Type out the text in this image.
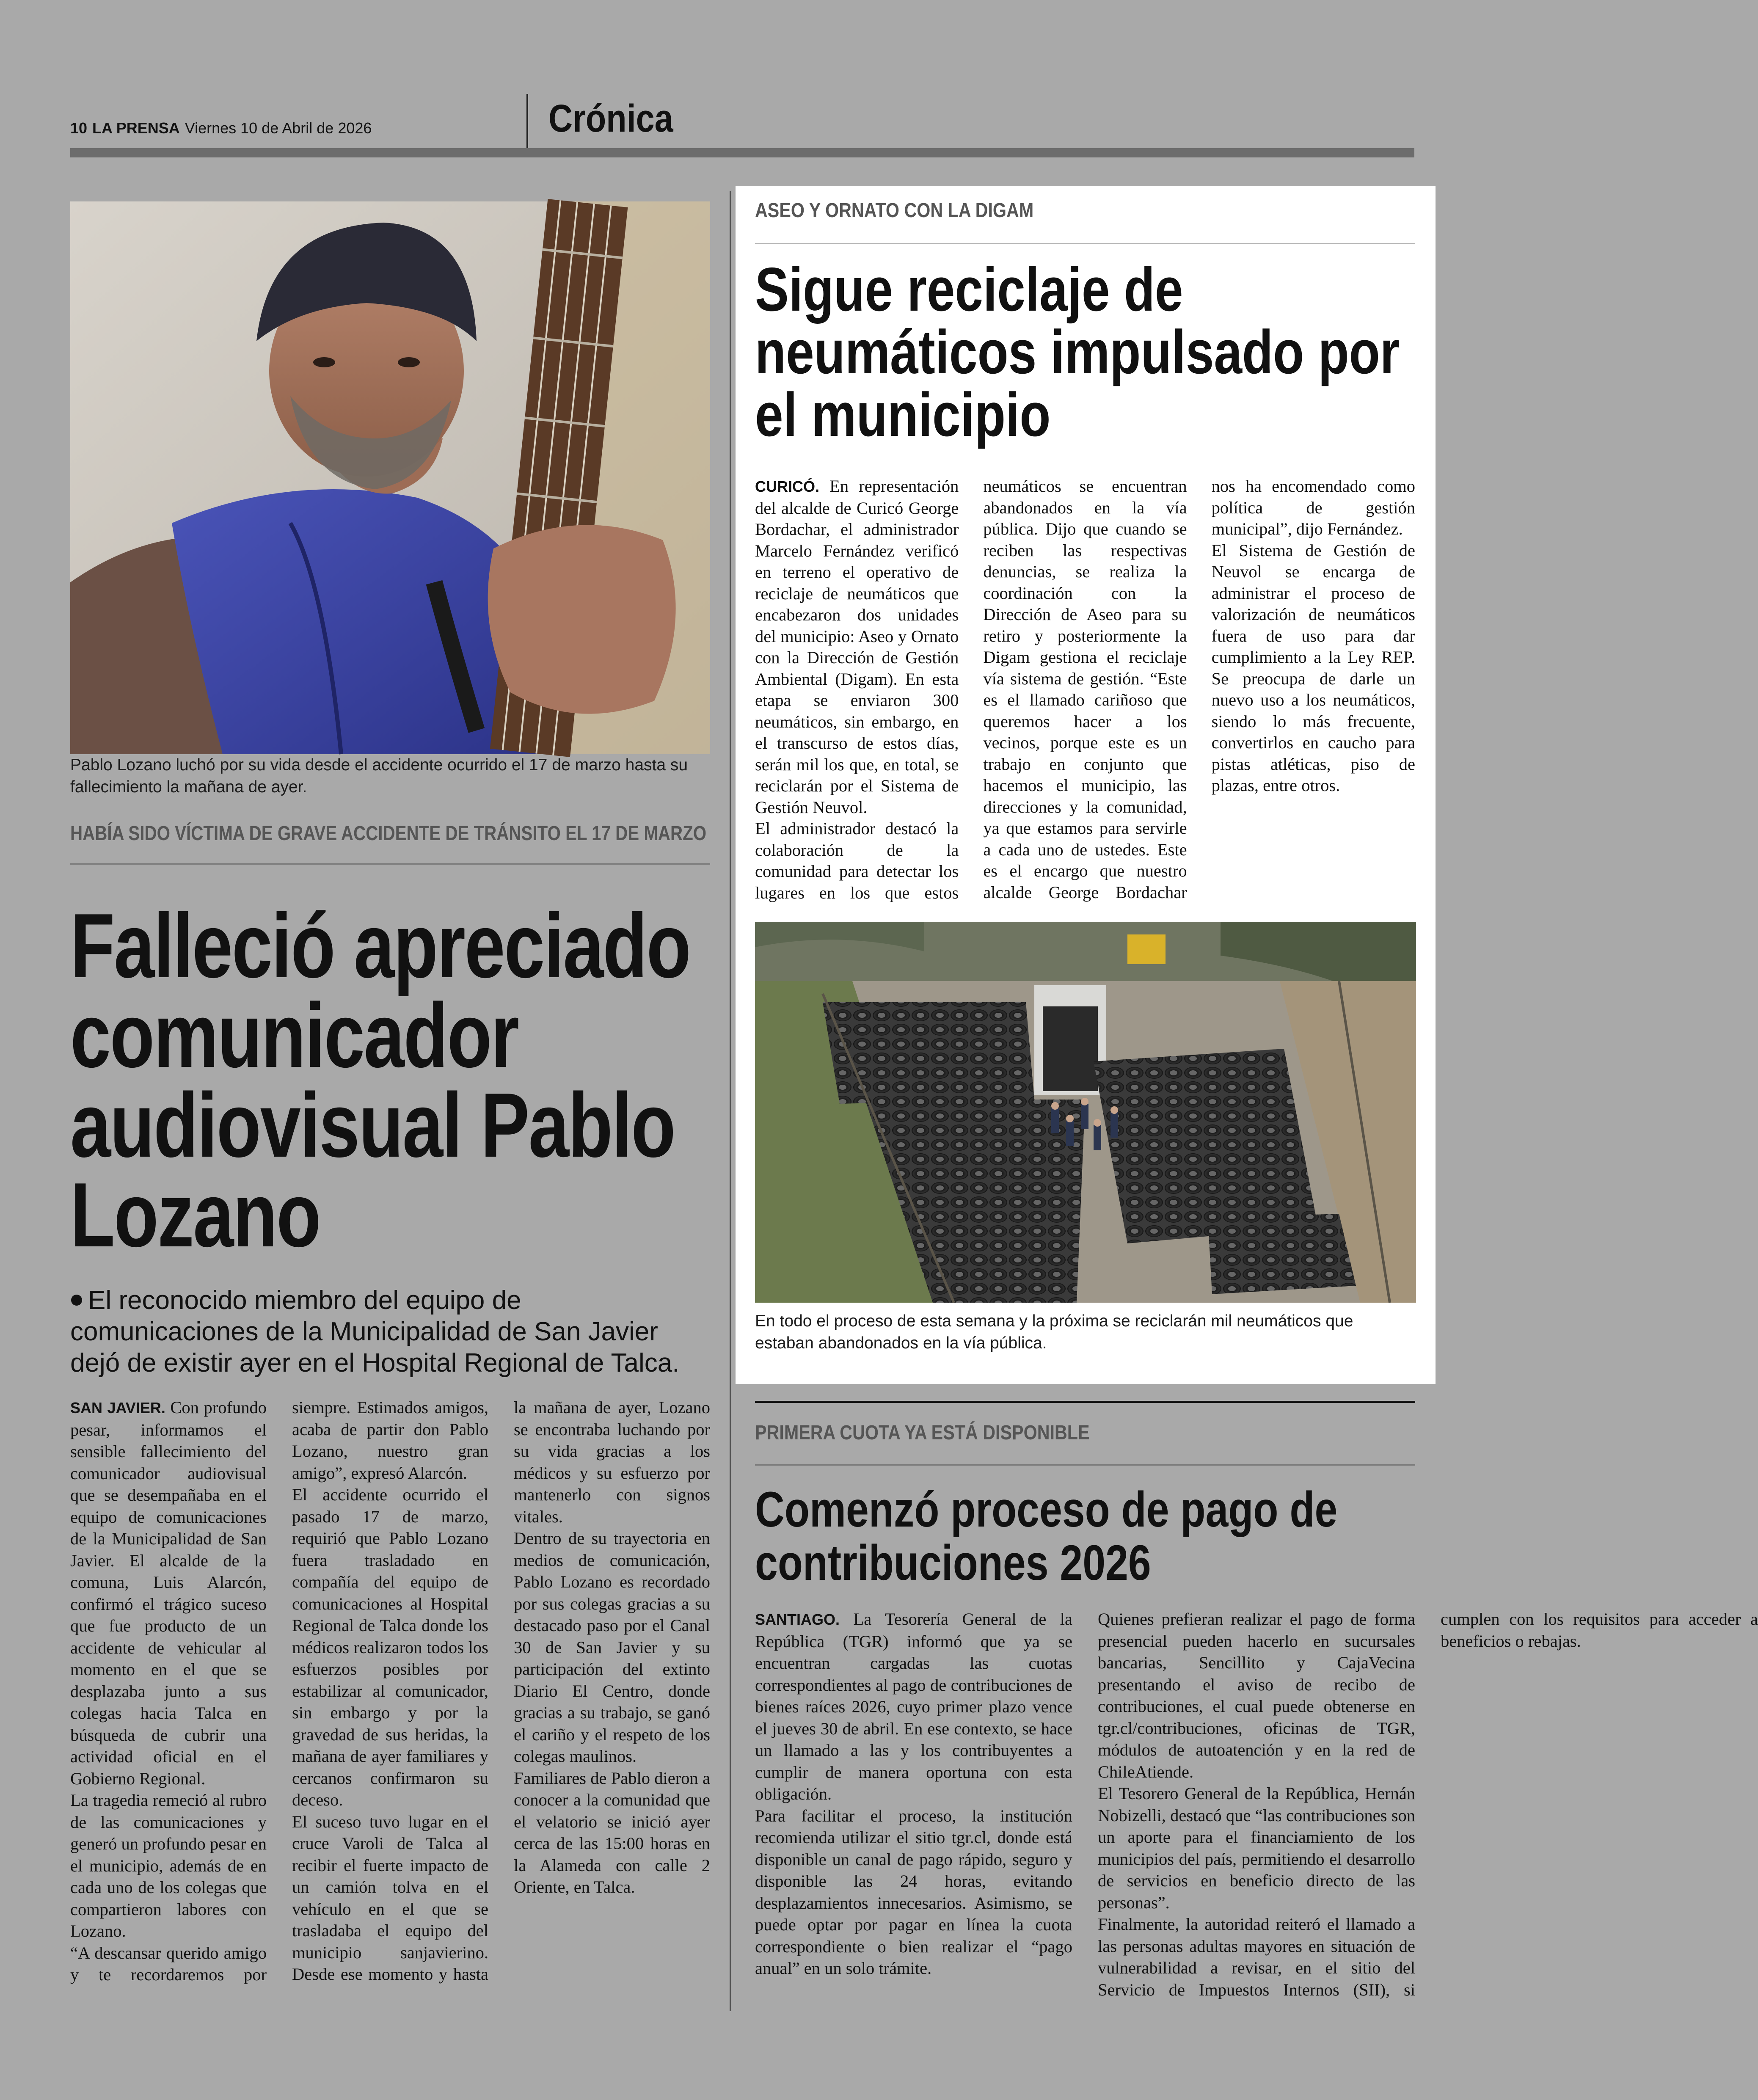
10 LA PRENSA Viernes 10 de Abril de 2026	Crónica
Pablo Lozano luchó por su vida desde el accidente ocurrido el 17 de marzo hasta su fallecimiento la mañana de ayer.
HABÍA SIDO VÍCTIMA DE GRAVE ACCIDENTE DE TRÁNSITO EL 17 DE MARZO
Falleció apreciado comunicador audiovisual Pablo Lozano
El reconocido miembro del equipo de comunicaciones de la Municipalidad de San Javier dejó de existir ayer en el Hospital Regional de Talca.

SAN JAVIER. Con profundo pesar, informamos el sensible fallecimiento del comunicador audiovisual que se desempañaba en el equipo de comunicaciones de la Municipalidad de San Javier. El alcalde de la comuna, Luis Alarcón, confirmó el trágico suceso que fue producto de un accidente de vehicular al momento en el que se desplazaba junto a sus colegas hacia Talca en búsqueda de cubrir una actividad oficial en el Gobierno Regional.

La tragedia remeció al rubro de las comunicaciones y generó un profundo pesar en el municipio, además de en cada uno de los colegas que compartieron labores con Lozano.

“A descansar querido amigo y te recordaremos por siempre. Estimados amigos, acaba de partir don Pablo Lozano, nuestro gran amigo”, expresó Alarcón.

El accidente ocurrido el pasado 17 de marzo, requirió que Pablo Lozano fuera trasladado en compañía del equipo de comunicaciones al Hospital Regional de Talca donde los médicos realizaron todos los esfuerzos posibles por estabilizar al comunicador, sin embargo y por la gravedad de sus heridas, la mañana de ayer familiares y cercanos confirmaron su deceso.

El suceso tuvo lugar en el cruce Varoli de Talca al recibir el fuerte impacto de un camión tolva en el vehículo en el que se trasladaba el equipo del municipio sanjavierino. Desde ese momento y hasta la mañana de ayer, Lozano se encontraba luchando por su vida gracias a los médicos y su esfuerzo por mantenerlo con signos vitales.

Dentro de su trayectoria en medios de comunicación, Pablo Lozano es recordado por sus colegas gracias a su destacado paso por el Canal 30 de San Javier y su participación del extinto Diario El Centro, donde gracias a su trabajo, se ganó el cariño y el respeto de los colegas maulinos.

Familiares de Pablo dieron a conocer a la comunidad que el velatorio se inició ayer cerca de las 15:00 horas en la Alameda con calle 2 Oriente, en Talca.

ASEO Y ORNATO CON LA DIGAM
Sigue reciclaje de neumáticos impulsado por el municipio

CURICÓ. En representación del alcalde de Curicó George Bordachar, el administrador Marcelo Fernández verificó en terreno el operativo de reciclaje de neumáticos que encabezaron dos unidades del municipio: Aseo y Ornato con la Dirección de Gestión Ambiental (Digam). En esta etapa se enviaron 300 neumáticos, sin embargo, en el transcurso de estos días, serán mil los que, en total, se reciclarán por el Sistema de Gestión Neuvol.

El administrador destacó la colaboración de la comunidad para detectar los lugares en los que estos neumáticos se encuentran abandonados en la vía pública. Dijo que cuando se reciben las respectivas denuncias, se realiza la coordinación con la Dirección de Aseo para su retiro y posteriormente la Digam gestiona el reciclaje vía sistema de gestión. “Este es el llamado cariñoso que queremos hacer a los vecinos, porque este es un trabajo en conjunto que hacemos el municipio, las direcciones y la comunidad, ya que estamos para servirle a cada uno de ustedes. Este es el encargo que nuestro alcalde George Bordachar nos ha encomendado como política de gestión municipal”, dijo Fernández.

El Sistema de Gestión de Neuvol se encarga de administrar el proceso de valorización de neumáticos fuera de uso para dar cumplimiento a la Ley REP. Se preocupa de darle un nuevo uso a los neumáticos, siendo lo más frecuente, convertirlos en caucho para pistas atléticas, piso de plazas, entre otros.

En todo el proceso de esta semana y la próxima se reciclarán mil neumáticos que estaban abandonados en la vía pública.
PRIMERA CUOTA YA ESTÁ DISPONIBLE
Comenzó proceso de pago de contribuciones 2026

SANTIAGO. La Tesorería General de la República (TGR) informó que ya se encuentran cargadas las cuotas correspondientes al pago de contribuciones de bienes raíces 2026, cuyo primer plazo vence el jueves 30 de abril. En ese contexto, se hace un llamado a las y los contribuyentes a cumplir de manera oportuna con esta obligación.

Para facilitar el proceso, la institución recomienda utilizar el sitio tgr.cl, donde está disponible un canal de pago rápido, seguro y disponible las 24 horas, evitando desplazamientos innecesarios. Asimismo, se puede optar por pagar en línea la cuota correspondiente o bien realizar el “pago anual” en un solo trámite.

Quienes prefieran realizar el pago de forma presencial pueden hacerlo en sucursales bancarias, Sencillito y CajaVecina presentando el aviso de recibo de contribuciones, el cual puede obtenerse en tgr.cl/contribuciones, oficinas de TGR, módulos de autoatención y en la red de ChileAtiende.

El Tesorero General de la República, Hernán Nobizelli, destacó que “las contribuciones son un aporte para el financiamiento de los municipios del país, permitiendo el desarrollo de servicios en beneficio directo de las personas”.

Finalmente, la autoridad reiteró el llamado a las personas adultas mayores en situación de vulnerabilidad a revisar, en el sitio del Servicio de Impuestos Internos (SII), si cumplen con los requisitos para acceder a beneficios o rebajas.
